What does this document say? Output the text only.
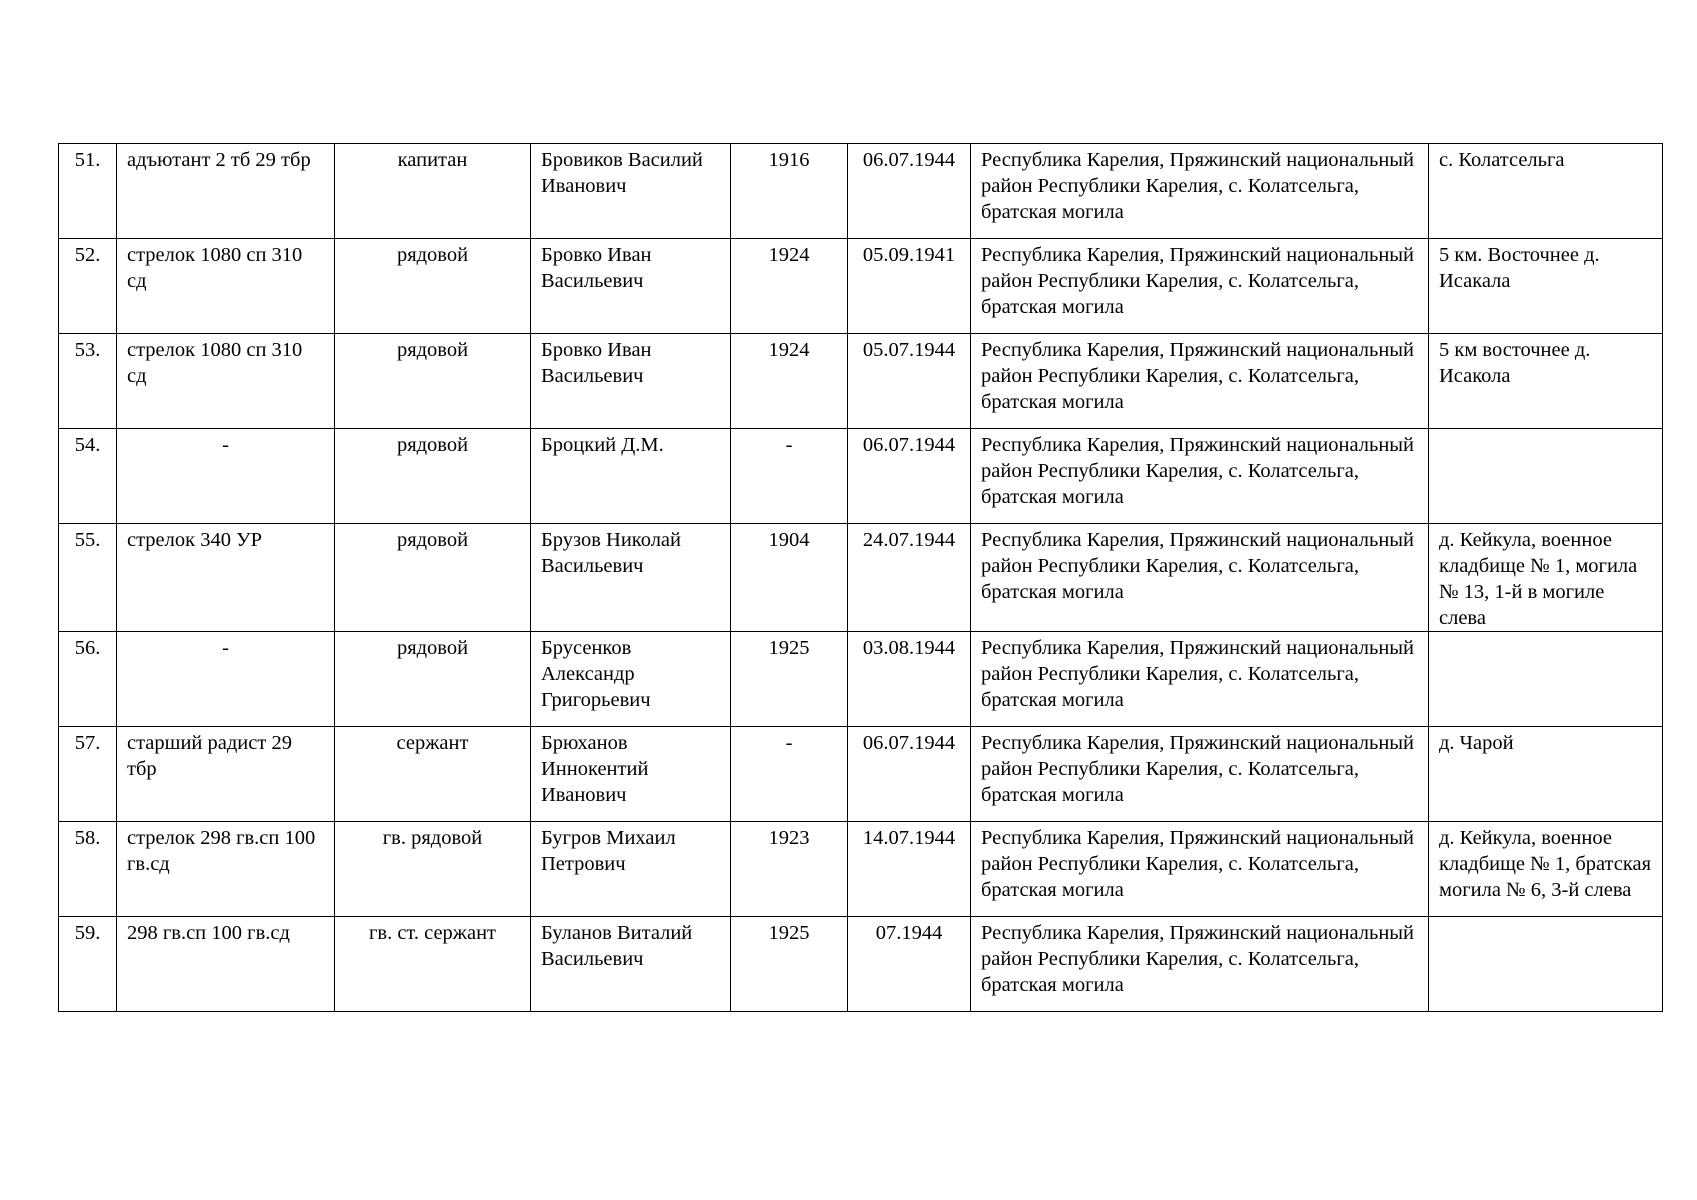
51.	адъютант 2 тб 29 тбр	капитан	Бровиков Василий Иванович	1916	06.07.1944	Республика Карелия, Пряжинский национальный район Республики Карелия, с. Колатсельга, братская могила	с. Колатсельга
52.	стрелок 1080 сп 310 сд	рядовой	Бровко Иван Васильевич	1924	05.09.1941	Республика Карелия, Пряжинский национальный район Республики Карелия, с. Колатсельга, братская могила	5 км. Восточнее д. Исакала
53.	стрелок 1080 сп 310 сд	рядовой	Бровко Иван Васильевич	1924	05.07.1944	Республика Карелия, Пряжинский национальный район Республики Карелия, с. Колатсельга, братская могила	5 км восточнее д. Исакола
54.	-	рядовой	Броцкий Д.М.	-	06.07.1944	Республика Карелия, Пряжинский национальный район Республики Карелия, с. Колатсельга, братская могила	
55.	стрелок 340 УР	рядовой	Брузов Николай Васильевич	1904	24.07.1944	Республика Карелия, Пряжинский национальный район Республики Карелия, с. Колатсельга, братская могила	д. Кейкула, военное кладбище № 1, могила № 13, 1-й в могиле слева
56.	-	рядовой	Брусенков Александр Григорьевич	1925	03.08.1944	Республика Карелия, Пряжинский национальный район Республики Карелия, с. Колатсельга, братская могила	
57.	старший радист 29 тбр	сержант	Брюханов Иннокентий Иванович	-	06.07.1944	Республика Карелия, Пряжинский национальный район Республики Карелия, с. Колатсельга, братская могила	д. Чарой
58.	стрелок 298 гв.сп 100 гв.сд	гв. рядовой	Бугров Михаил Петрович	1923	14.07.1944	Республика Карелия, Пряжинский национальный район Республики Карелия, с. Колатсельга, братская могила	д. Кейкула, военное кладбище № 1, братская могила № 6, 3-й слева
59.	298 гв.сп 100 гв.сд	гв. ст. сержант	Буланов Виталий Васильевич	1925	07.1944	Республика Карелия, Пряжинский национальный район Республики Карелия, с. Колатсельга, братская могила	
